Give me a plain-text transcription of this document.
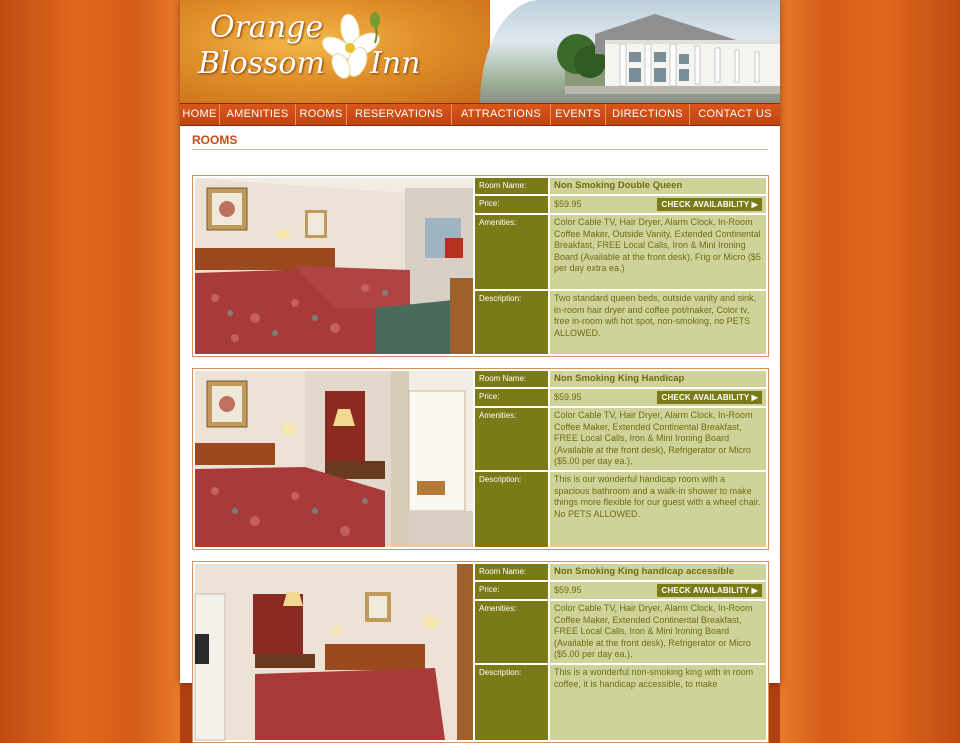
Orange
Blossom Inn
HOME AMENITIES ROOMS	RESERVATIONS	ATTRACTIONS	EVENTS	DIRECTIONS	CONTACT US
ROOMS
Room Name:	Non Smoking Double Queen
Price:	$59.95	CHECK AVAILABILITY ▶
Amenities:	Color Cable TV, Hair Dryer, Alarm Clock, In-Room Coffee Maker, Outside Vanity, Extended Continental Breakfast, FREE Local Calls, Iron & Mini Ironing Board (Available at the front desk), Frig or Micro ($5 per day extra ea.)
Description:	Two standard queen beds, outside vanity and sink, in-room hair dryer and coffee pot/maker, Color tv, free in-room wifi hot spot, non-smoking, no PETS ALLOWED.
Room Name:	Non Smoking King Handicap
Price:	$59.95	CHECK AVAILABILITY ▶
Amenities:	Color Cable TV, Hair Dryer, Alarm Clock, In-Room Coffee Maker, Extended Continental Breakfast, FREE Local Calls, Iron & Mini Ironing Board (Available at the front desk), Refrigerator or Micro ($5.00 per day ea.),
Description:	This is our wonderful handicap room with a spacious bathroom and a walk-in shower to make things more flexible for our guest with a wheel chair. No PETS ALLOWED.
Room Name:	Non Smoking King handicap accessible
Price:	$59.95	CHECK AVAILABILITY ▶
Amenities:	Color Cable TV, Hair Dryer, Alarm Clock, In-Room Coffee Maker, Extended Continental Breakfast, FREE Local Calls, Iron & Mini Ironing Board (Available at the front desk), Refrigerator or Micro ($5.00 per day ea.),
Description:	This is a wonderful non-smoking king with in room coffee, it is handicap accessible, to make
